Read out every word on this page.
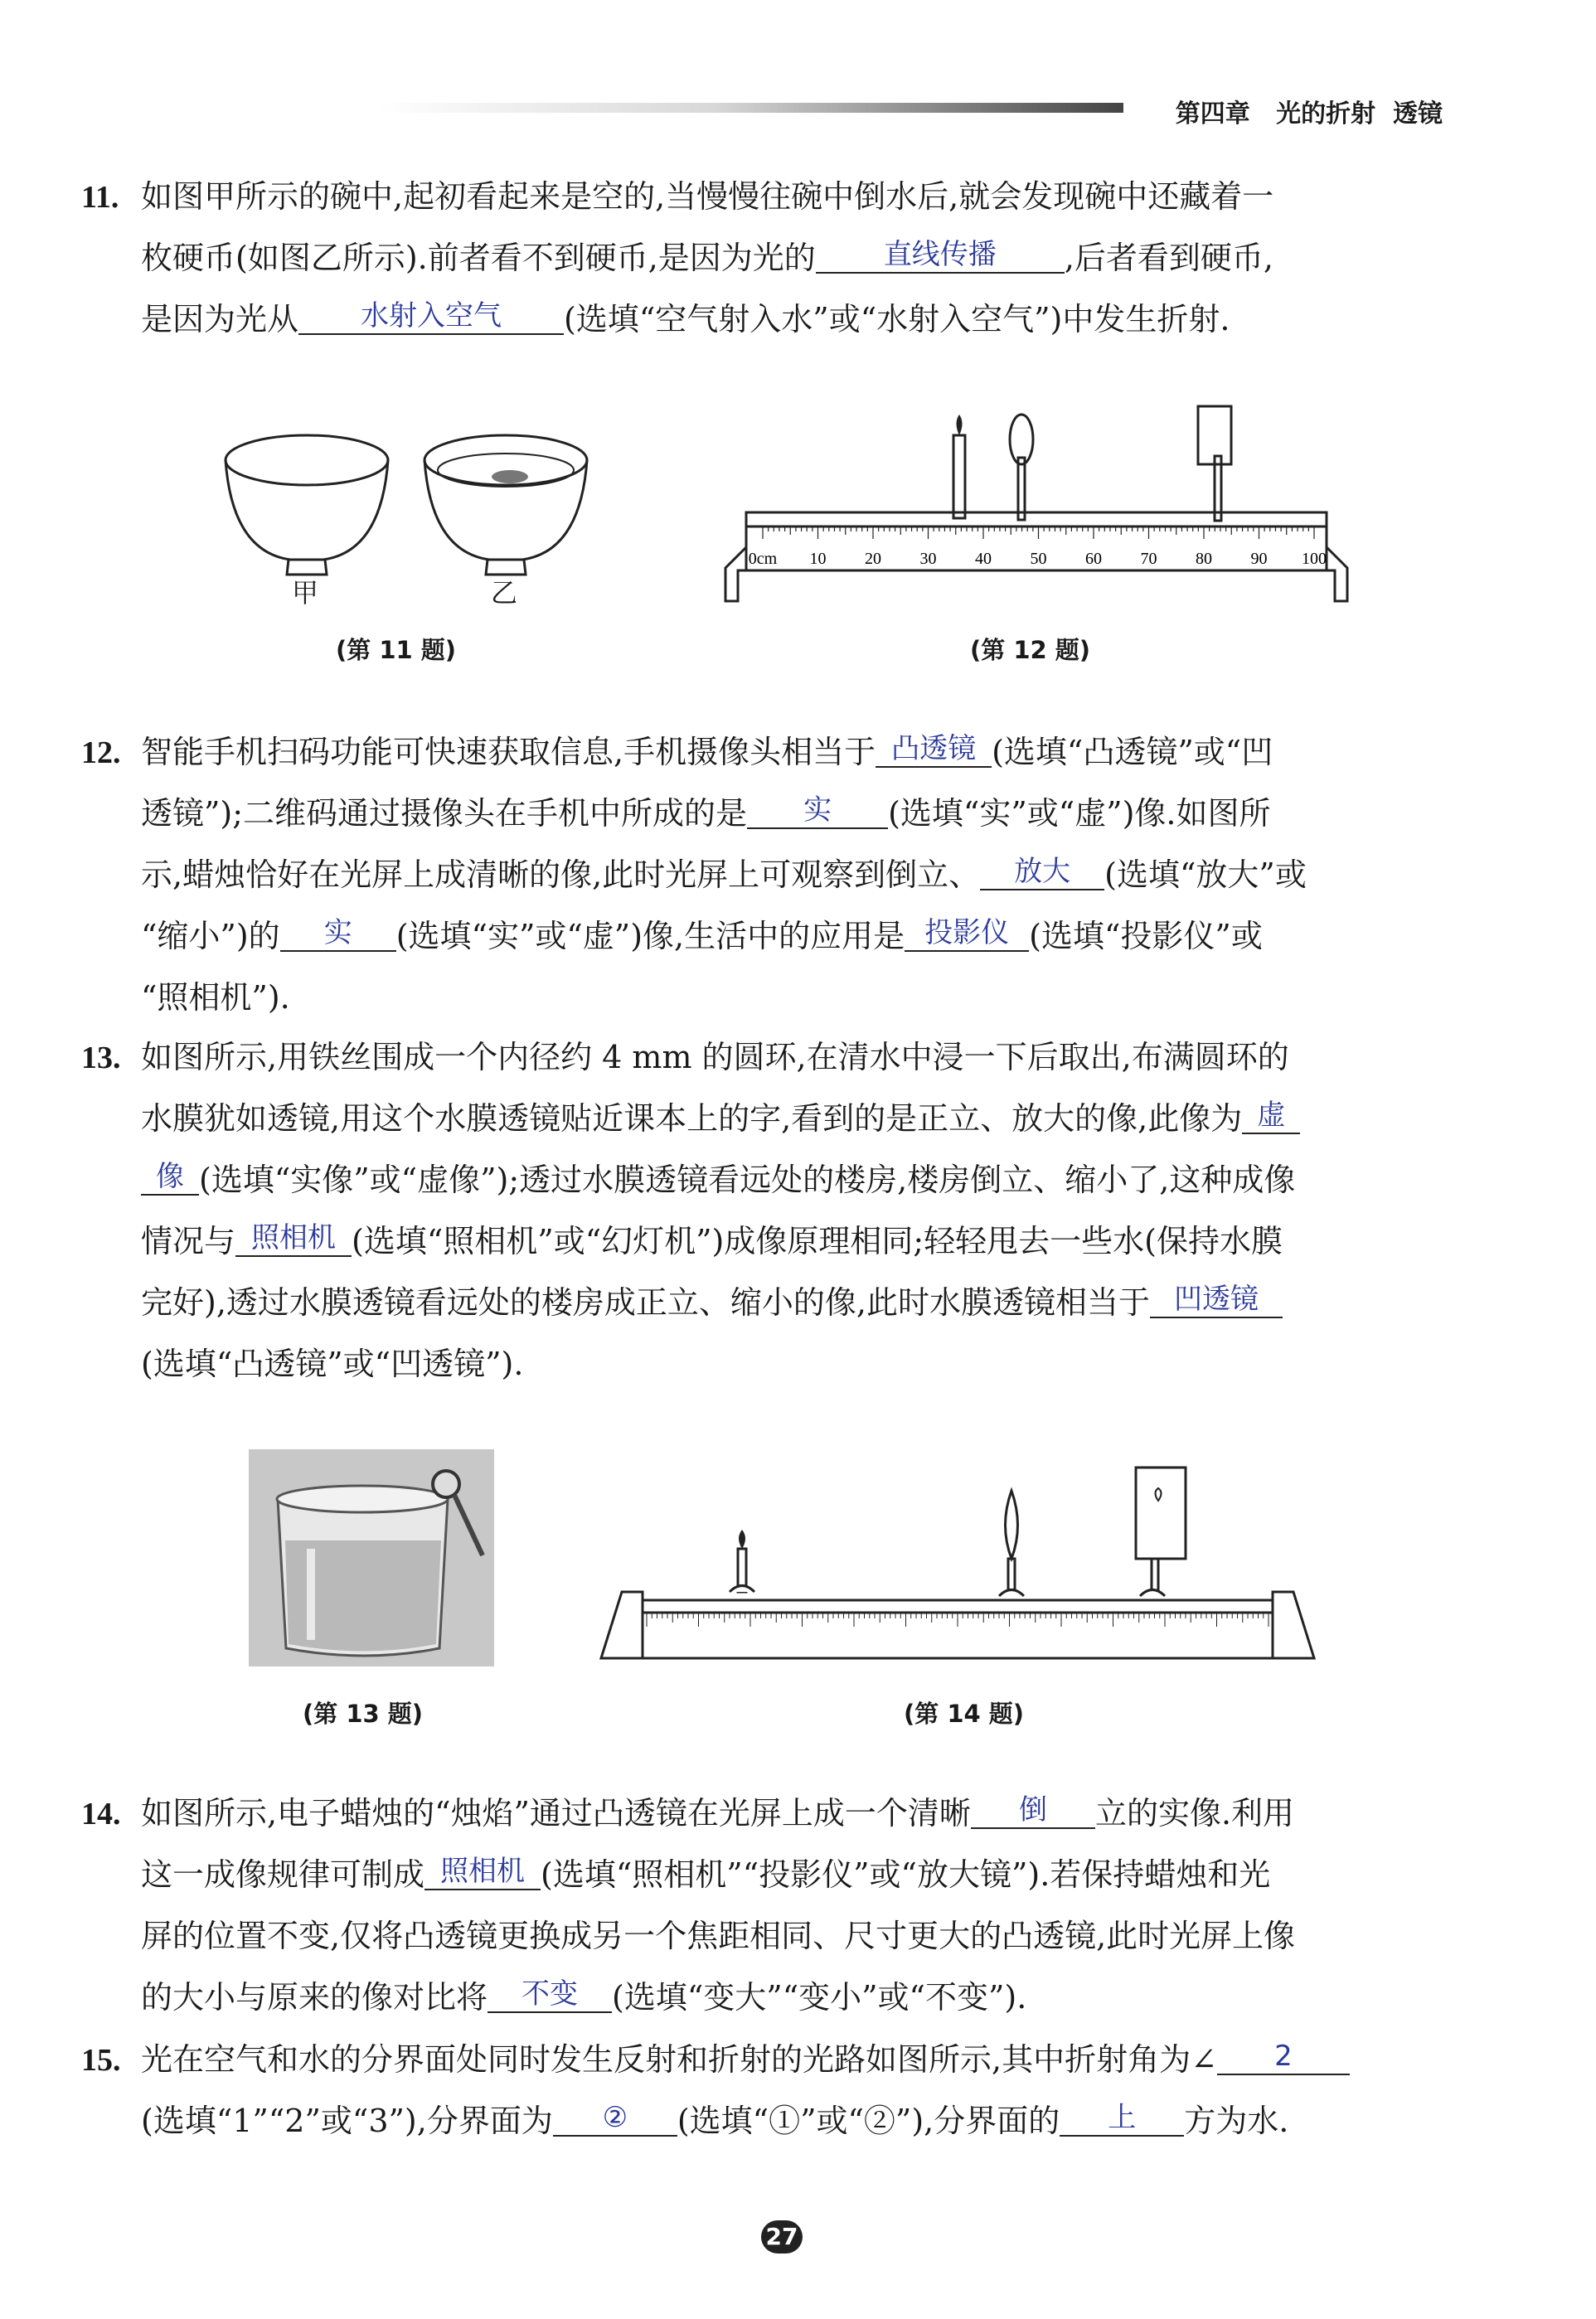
第四章 光的折射  透镜
11. 如图甲所示的碗中,起初看起来是空的,当慢慢往碗中倒水后,就会发现碗中还藏着一
枚硬币(如图乙所示).前者看不到硬币,是因为光的 直线传播 ,后者看到硬币,
是因为光从 水射入空气 (选填“空气射入水”或“水射入空气”)中发生折射.
甲	乙
(第 11 题)
0cm 10 20 30 40 50 60 70 80 90 100
(第 12 题)
12. 智能手机扫码功能可快速获取信息,手机摄像头相当于 凸透镜 (选填“凸透镜”或“凹
透镜”);二维码通过摄像头在手机中所成的是 实 (选填“实”或“虚”)像.如图所
示,蜡烛恰好在光屏上成清晰的像,此时光屏上可观察到倒立、 放大 (选填“放大”或
“缩小”)的 实 (选填“实”或“虚”)像,生活中的应用是 投影仪 (选填“投影仪”或
“照相机”).
13. 如图所示,用铁丝围成一个内径约 4 mm 的圆环,在清水中浸一下后取出,布满圆环的
水膜犹如透镜,用这个水膜透镜贴近课本上的字,看到的是正立、放大的像,此像为 虚
像 (选填“实像”或“虚像”);透过水膜透镜看远处的楼房,楼房倒立、缩小了,这种成像
情况与 照相机 (选填“照相机”或“幻灯机”)成像原理相同;轻轻甩去一些水(保持水膜
完好),透过水膜透镜看远处的楼房成正立、缩小的像,此时水膜透镜相当于 凹透镜
(选填“凸透镜”或“凹透镜”).
(第 13 题)	(第 14 题)
14. 如图所示,电子蜡烛的“烛焰”通过凸透镜在光屏上成一个清晰 倒 立的实像.利用
这一成像规律可制成 照相机 (选填“照相机”“投影仪”或“放大镜”).若保持蜡烛和光
屏的位置不变,仅将凸透镜更换成另一个焦距相同、尺寸更大的凸透镜,此时光屏上像
的大小与原来的像对比将 不变 (选填“变大”“变小”或“不变”).
15. 光在空气和水的分界面处同时发生反射和折射的光路如图所示,其中折射角为∠ 2
(选填“1”“2”或“3”),分界面为 ② (选填“①”或“②”),分界面的 上 方为水.
27
